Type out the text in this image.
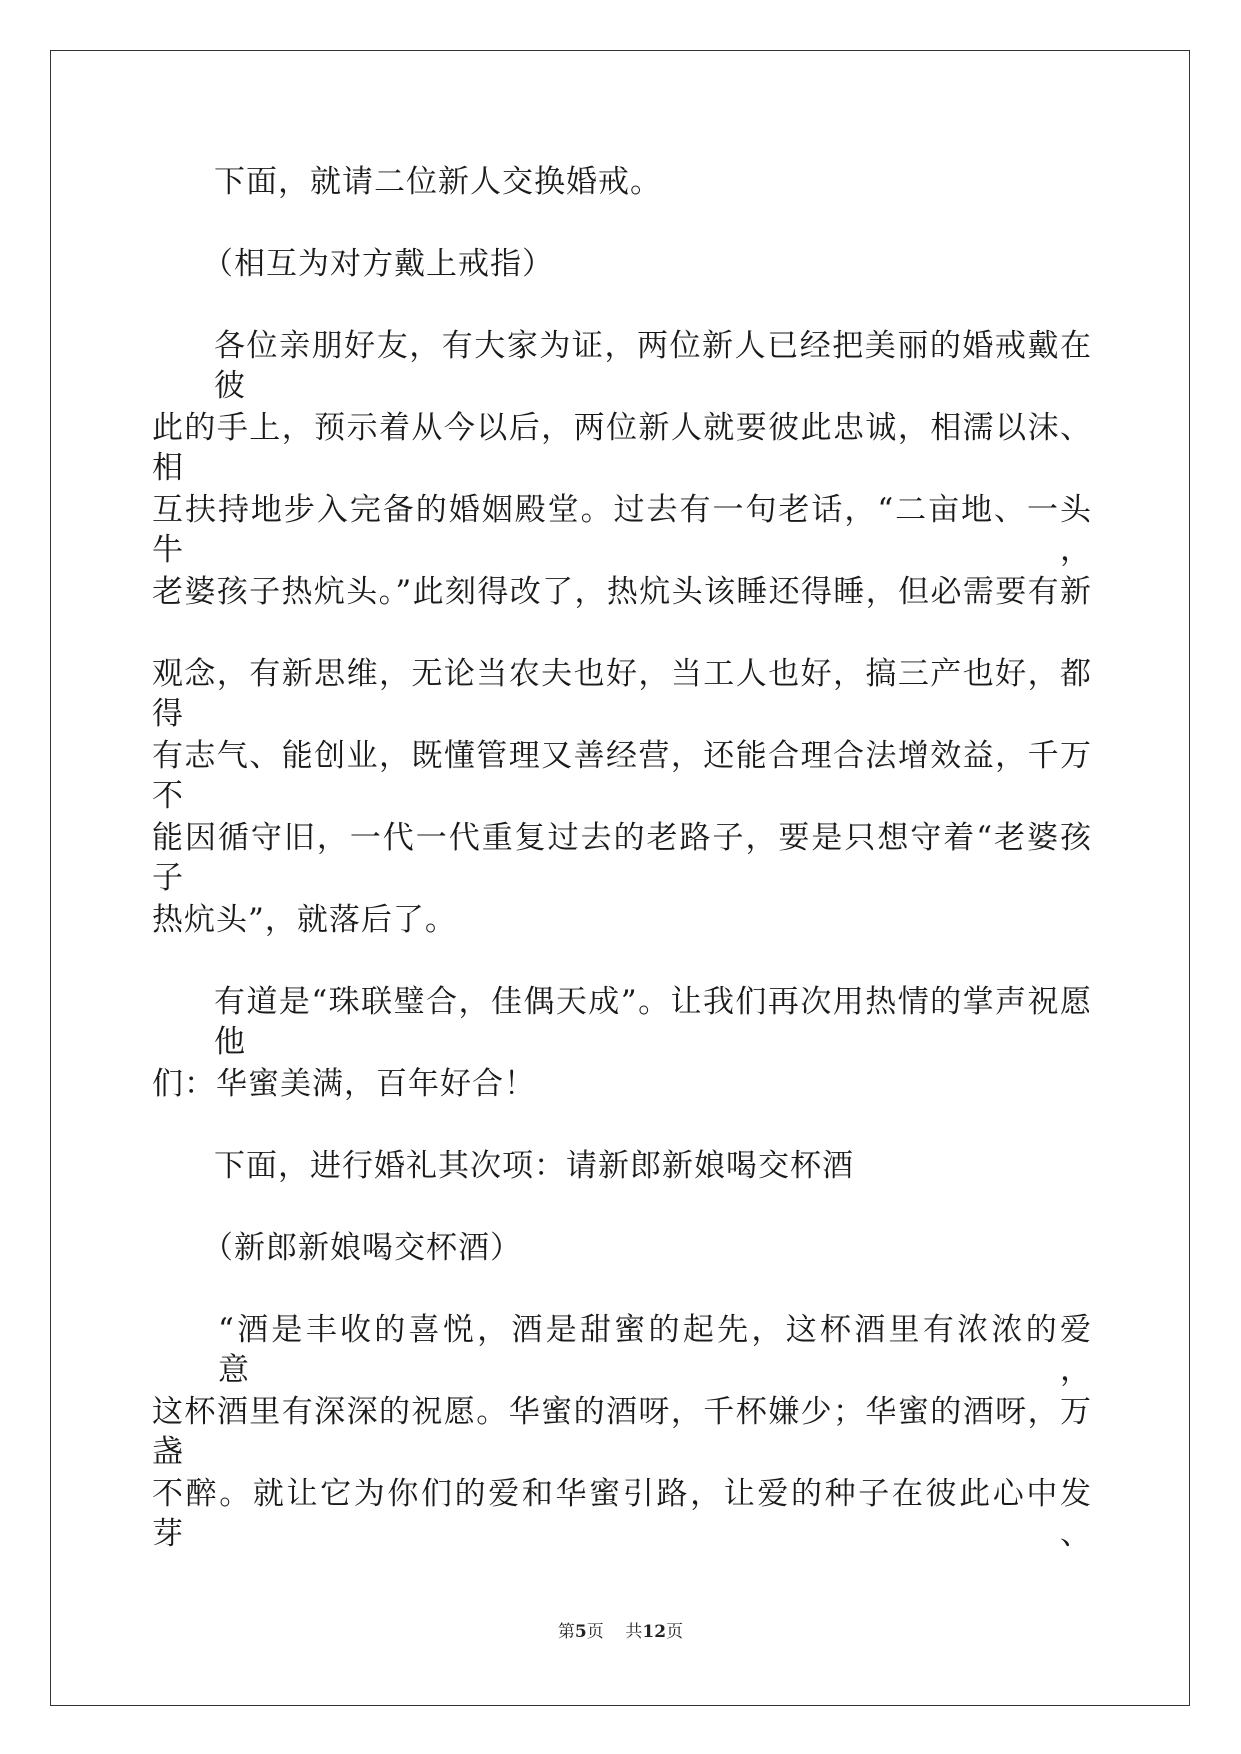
下面，就请二位新人交换婚戒。

（相互为对方戴上戒指）

各位亲朋好友，有大家为证，两位新人已经把美丽的婚戒戴在彼

此的手上，预示着从今以后，两位新人就要彼此忠诚，相濡以沫、相

互扶持地步入完备的婚姻殿堂。过去有一句老话，“二亩地、一头牛，

老婆孩子热炕头。”此刻得改了，热炕头该睡还得睡，但必需要有新

观念，有新思维，无论当农夫也好，当工人也好，搞三产也好，都得

有志气、能创业，既懂管理又善经营，还能合理合法增效益，千万不

能因循守旧，一代一代重复过去的老路子，要是只想守着“老婆孩子

热炕头”，就落后了。

有道是“珠联璧合，佳偶天成”。让我们再次用热情的掌声祝愿他

们：华蜜美满，百年好合！

下面，进行婚礼其次项：请新郎新娘喝交杯酒

（新郎新娘喝交杯酒）

“酒是丰收的喜悦，酒是甜蜜的起先，这杯酒里有浓浓的爱意，

这杯酒里有深深的祝愿。华蜜的酒呀，千杯嫌少；华蜜的酒呀，万盏

不醉。就让它为你们的爱和华蜜引路，让爱的种子在彼此心中发芽、

第5页 共12页
